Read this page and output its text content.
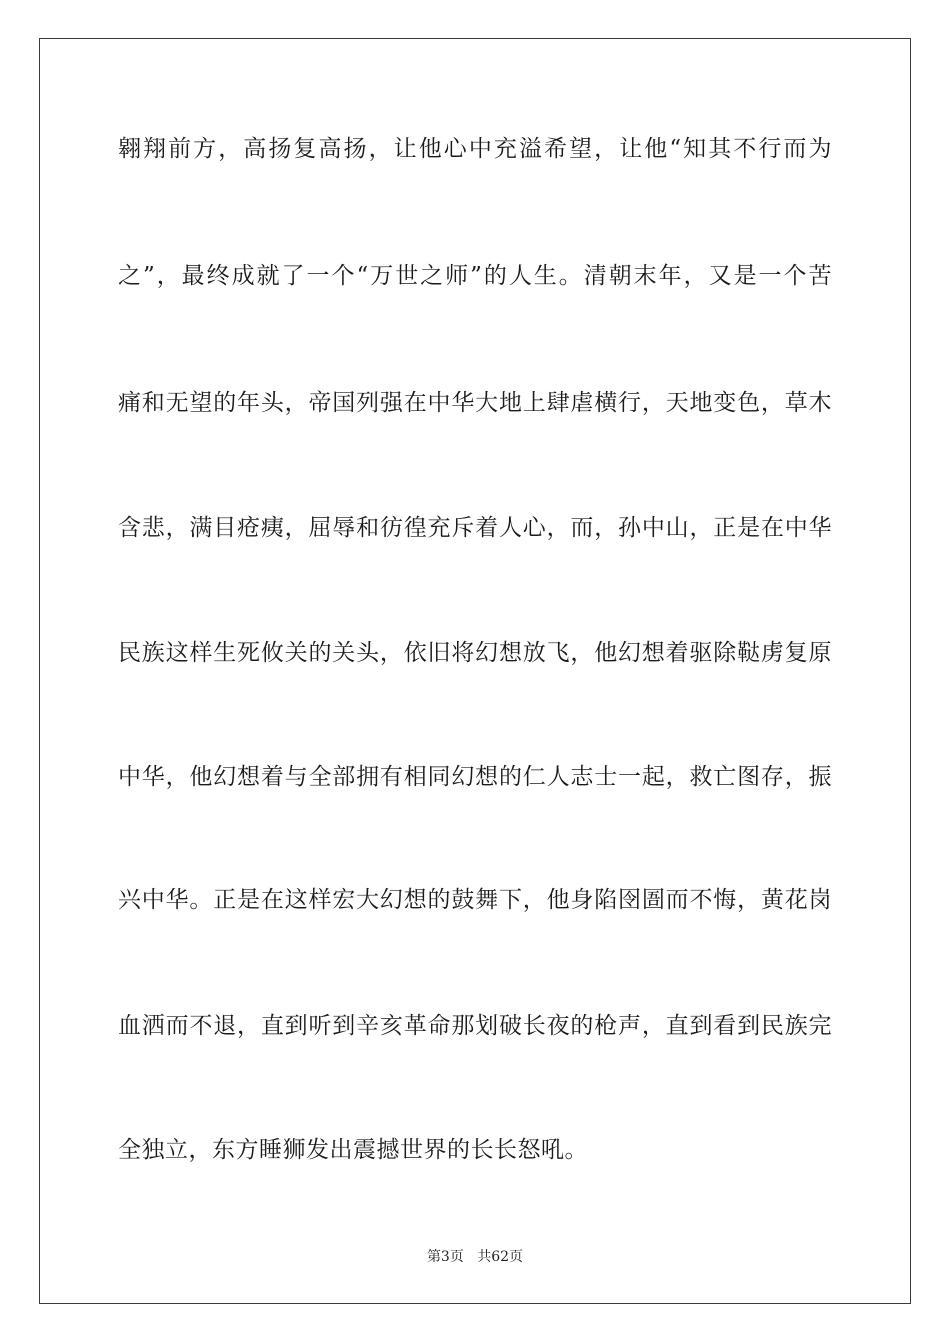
翱翔前方，高扬复高扬，让他心中充溢希望，让他“知其不行而为
之”，最终成就了一个“万世之师”的人生。清朝末年，又是一个苦
痛和无望的年头，帝国列强在中华大地上肆虐横行，天地变色，草木
含悲，满目疮痍，屈辱和彷徨充斥着人心，而，孙中山，正是在中华
民族这样生死攸关的关头，依旧将幻想放飞，他幻想着驱除鞑虏复原
中华，他幻想着与全部拥有相同幻想的仁人志士一起，救亡图存，振
兴中华。正是在这样宏大幻想的鼓舞下，他身陷囹圄而不悔，黄花岗
血洒而不退，直到听到辛亥革命那划破长夜的枪声，直到看到民族完
全独立，东方睡狮发出震撼世界的长长怒吼。
第3页 共62页
